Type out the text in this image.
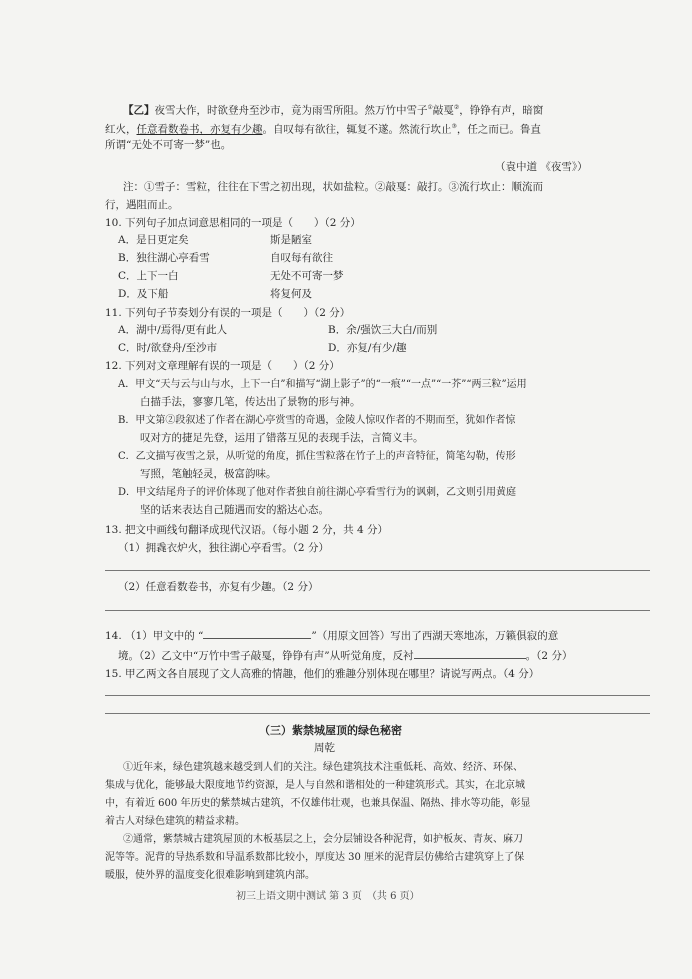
【乙】夜雪大作，时欲登舟至沙市，竟为雨雪所阻。然万竹中雪子①敲戛②，铮铮有声，暗窗
红火，任意看数卷书，亦复有少趣。自叹每有欲往，辄复不遂。然流行坎止③，任之而已。鲁直
所谓“无处不可寄一梦”也。
（袁中道 《夜雪》）
注：①雪子：雪粒，往往在下雪之初出现，状如盐粒。②敲戛：敲打。③流行坎止：顺流而
行，遇阻而止。
10. 下列句子加点词意思相同的一项是（　　）（2 分）
A．是日更定矣	斯是陋室
B．独往湖心亭看雪	自叹每有欲往
C．上下一白	无处不可寄一梦
D．及下船	将复何及
11. 下列句子节奏划分有误的一项是（　　）（2 分）
A．湖中/焉得/更有此人	B．余/强饮三大白/而别
C．时/欲登舟/至沙市	D．亦复/有少/趣
12. 下列对文章理解有误的一项是（　　）（2 分）
A．甲文“天与云与山与水，上下一白”和描写“湖上影子”的“一痕”“一点”“一芥”“两三粒”运用
白描手法，寥寥几笔，传达出了景物的形与神。
B．甲文第②段叙述了作者在湖心亭赏雪的奇遇，金陵人惊叹作者的不期而至，犹如作者惊
叹对方的捷足先登，运用了错落互见的表现手法，言简义丰。
C．乙文描写夜雪之景，从听觉的角度，抓住雪粒落在竹子上的声音特征，简笔勾勒，传形
写照，笔触轻灵，极富韵味。
D．甲文结尾舟子的评价体现了他对作者独自前往湖心亭看雪行为的讽刺，乙文则引用黄庭
坚的话来表达自己随遇而安的豁达心态。
13. 把文中画线句翻译成现代汉语。（每小题 2 分，共 4 分）
（1）拥毳衣炉火，独往湖心亭看雪。（2 分）
（2）任意看数卷书，亦复有少趣。（2 分）
14. （1）甲文中的 “	”（用原文回答）写出了西湖天寒地冻，万籁俱寂的意
境。（2）乙文中“万竹中雪子敲戛，铮铮有声”从听觉角度，反衬	。（2 分）
15. 甲乙两文各自展现了文人高雅的情趣，他们的雅趣分别体现在哪里？请说写两点。（4 分）
（三）紫禁城屋顶的绿色秘密
周乾
①近年来，绿色建筑越来越受到人们的关注。绿色建筑技术注重低耗、高效、经济、环保、
集成与优化，能够最大限度地节约资源，是人与自然和谐相处的一种建筑形式。其实，在北京城
中，有着近 600 年历史的紫禁城古建筑，不仅雄伟壮观，也兼具保温、隔热、排水等功能，彰显
着古人对绿色建筑的精益求精。
②通常，紫禁城古建筑屋顶的木板基层之上，会分层铺设各种泥背，如护板灰、青灰、麻刀
泥等等。泥背的导热系数和导温系数都比较小，厚度达 30 厘米的泥背层仿佛给古建筑穿上了保
暖服，使外界的温度变化很难影响到建筑内部。
初三上语文期中测试 第 3 页　（共 6 页）
